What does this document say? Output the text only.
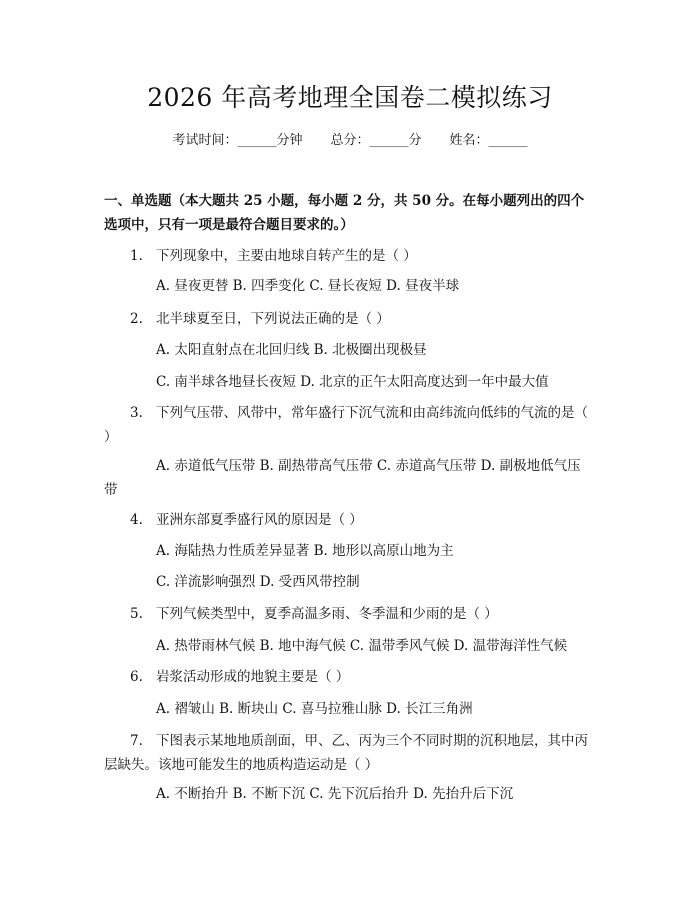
2026 年高考地理全国卷二模拟练习
考试时间：______分钟 总分：______分 姓名：______
一、单选题（本大题共 25 小题，每小题 2 分，共 50 分。在每小题列出的四个选项中，只有一项是最符合题目要求的。）
1. 下列现象中，主要由地球自转产生的是（ ）
A. 昼夜更替 B. 四季变化 C. 昼长夜短 D. 昼夜半球
2. 北半球夏至日，下列说法正确的是（ ）
A. 太阳直射点在北回归线 B. 北极圈出现极昼
C. 南半球各地昼长夜短 D. 北京的正午太阳高度达到一年中最大值
3. 下列气压带、风带中，常年盛行下沉气流和由高纬流向低纬的气流的是（ ）
A. 赤道低气压带 B. 副热带高气压带 C. 赤道高气压带 D. 副极地低气压带
4. 亚洲东部夏季盛行风的原因是（ ）
A. 海陆热力性质差异显著 B. 地形以高原山地为主
C. 洋流影响强烈 D. 受西风带控制
5. 下列气候类型中，夏季高温多雨、冬季温和少雨的是（ ）
A. 热带雨林气候 B. 地中海气候 C. 温带季风气候 D. 温带海洋性气候
6. 岩浆活动形成的地貌主要是（ ）
A. 褶皱山 B. 断块山 C. 喜马拉雅山脉 D. 长江三角洲
7. 下图表示某地地质剖面，甲、乙、丙为三个不同时期的沉积地层，其中丙层缺失。该地可能发生的地质构造运动是（ ）
A. 不断抬升 B. 不断下沉 C. 先下沉后抬升 D. 先抬升后下沉
